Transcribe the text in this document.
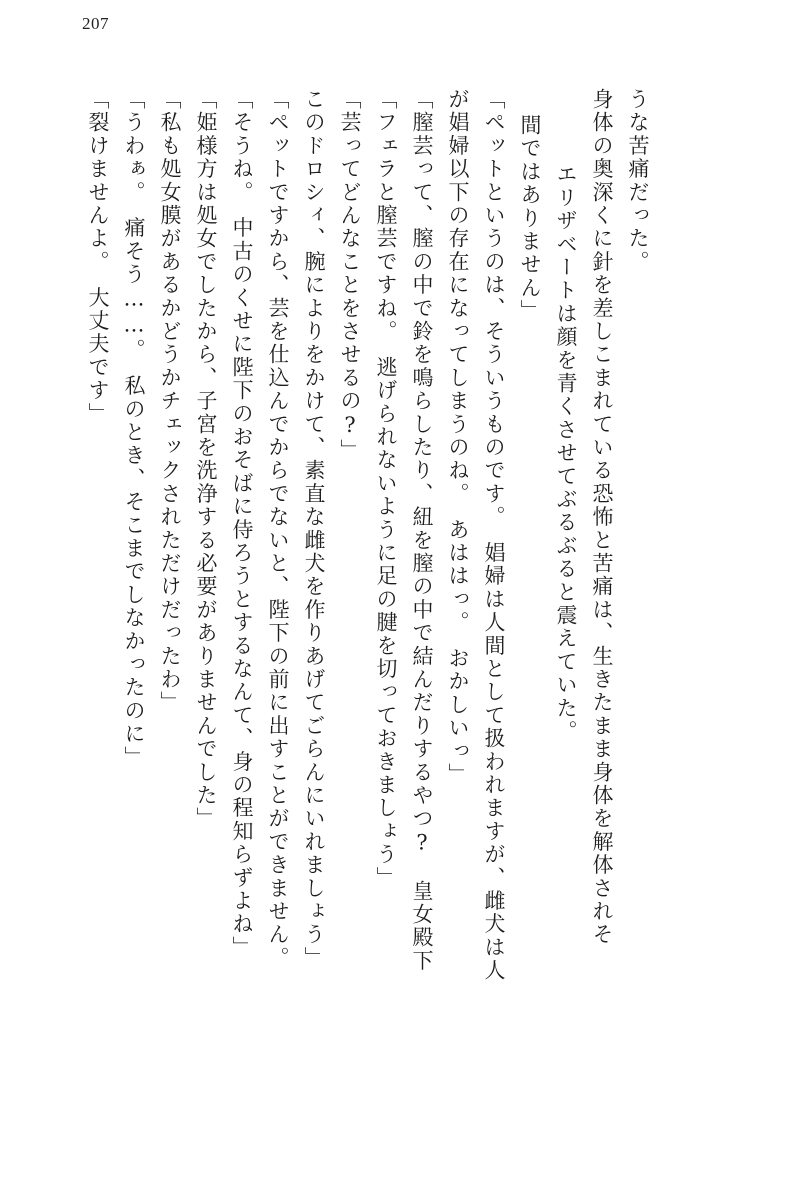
207
「裂けませんよ。　大丈夫です」 「うわぁ。　痛そう……。　私のとき、そこまでしなかったのに」 「私も処女膜があるかどうかチェックされただけだったわ」 「姫様方は処女でしたから、子宮を洗浄する必要がありませんでした」 「そうね。　中古のくせに陛下のおそばに侍ろうとするなんて、身の程知らずよね」 「ペットですから、芸を仕込んでからでないと、陛下の前に出すことができません。 このドロシィ、腕によりをかけて、素直な雌犬を作りあげてごらんにいれましょう」 「芸ってどんなことをさせるの?」 「フェラと膣芸ですね。　逃げられないように足の腱を切っておきましょう」 「膣芸って、膣の中で鈴を鳴らしたり、紐を膣の中で結んだりするやつ?　皇女殿下 が娼婦以下の存在になってしまうのね。　あははっ。　おかしいっ」 「ペットというのは、そういうものです。　娼婦は人間として扱われますが、雌犬は人 間ではありません」 　エリザベートは顔を青くさせてぶるぶると震えていた。 身体の奥深くに針を差しこまれている恐怖と苦痛は、生きたまま身体を解体されそ うな苦痛だった。
